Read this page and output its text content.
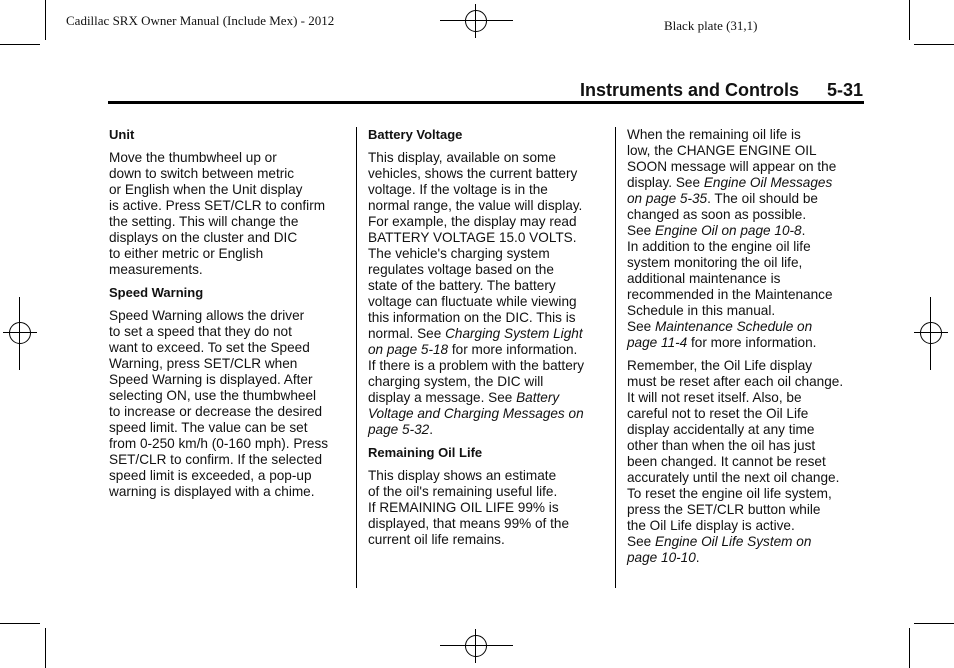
Cadillac SRX Owner Manual (Include Mex) - 2012	Black plate (31,1)
Instruments and Controls 5-31
Unit

Move the thumbwheel up or
down to switch between metric
or English when the Unit display
is active. Press SET/CLR to confirm
the setting. This will change the
displays on the cluster and DIC
to either metric or English
measurements.

Speed Warning

Speed Warning allows the driver
to set a speed that they do not
want to exceed. To set the Speed
Warning, press SET/CLR when
Speed Warning is displayed. After
selecting ON, use the thumbwheel
to increase or decrease the desired
speed limit. The value can be set
from 0-250 km/h (0-160 mph). Press
SET/CLR to confirm. If the selected
speed limit is exceeded, a pop-up
warning is displayed with a chime.

Battery Voltage

This display, available on some
vehicles, shows the current battery
voltage. If the voltage is in the
normal range, the value will display.
For example, the display may read
BATTERY VOLTAGE 15.0 VOLTS.
The vehicle's charging system
regulates voltage based on the
state of the battery. The battery
voltage can fluctuate while viewing
this information on the DIC. This is
normal. See Charging System Light
on page 5-18 for more information.
If there is a problem with the battery
charging system, the DIC will
display a message. See Battery
Voltage and Charging Messages on
page 5-32.

Remaining Oil Life

This display shows an estimate
of the oil's remaining useful life.
If REMAINING OIL LIFE 99% is
displayed, that means 99% of the
current oil life remains.

When the remaining oil life is
low, the CHANGE ENGINE OIL
SOON message will appear on the
display. See Engine Oil Messages
on page 5-35. The oil should be
changed as soon as possible.
See Engine Oil on page 10-8.
In addition to the engine oil life
system monitoring the oil life,
additional maintenance is
recommended in the Maintenance
Schedule in this manual.
See Maintenance Schedule on
page 11-4 for more information.

Remember, the Oil Life display
must be reset after each oil change.
It will not reset itself. Also, be
careful not to reset the Oil Life
display accidentally at any time
other than when the oil has just
been changed. It cannot be reset
accurately until the next oil change.
To reset the engine oil life system,
press the SET/CLR button while
the Oil Life display is active.
See Engine Oil Life System on
page 10-10.
